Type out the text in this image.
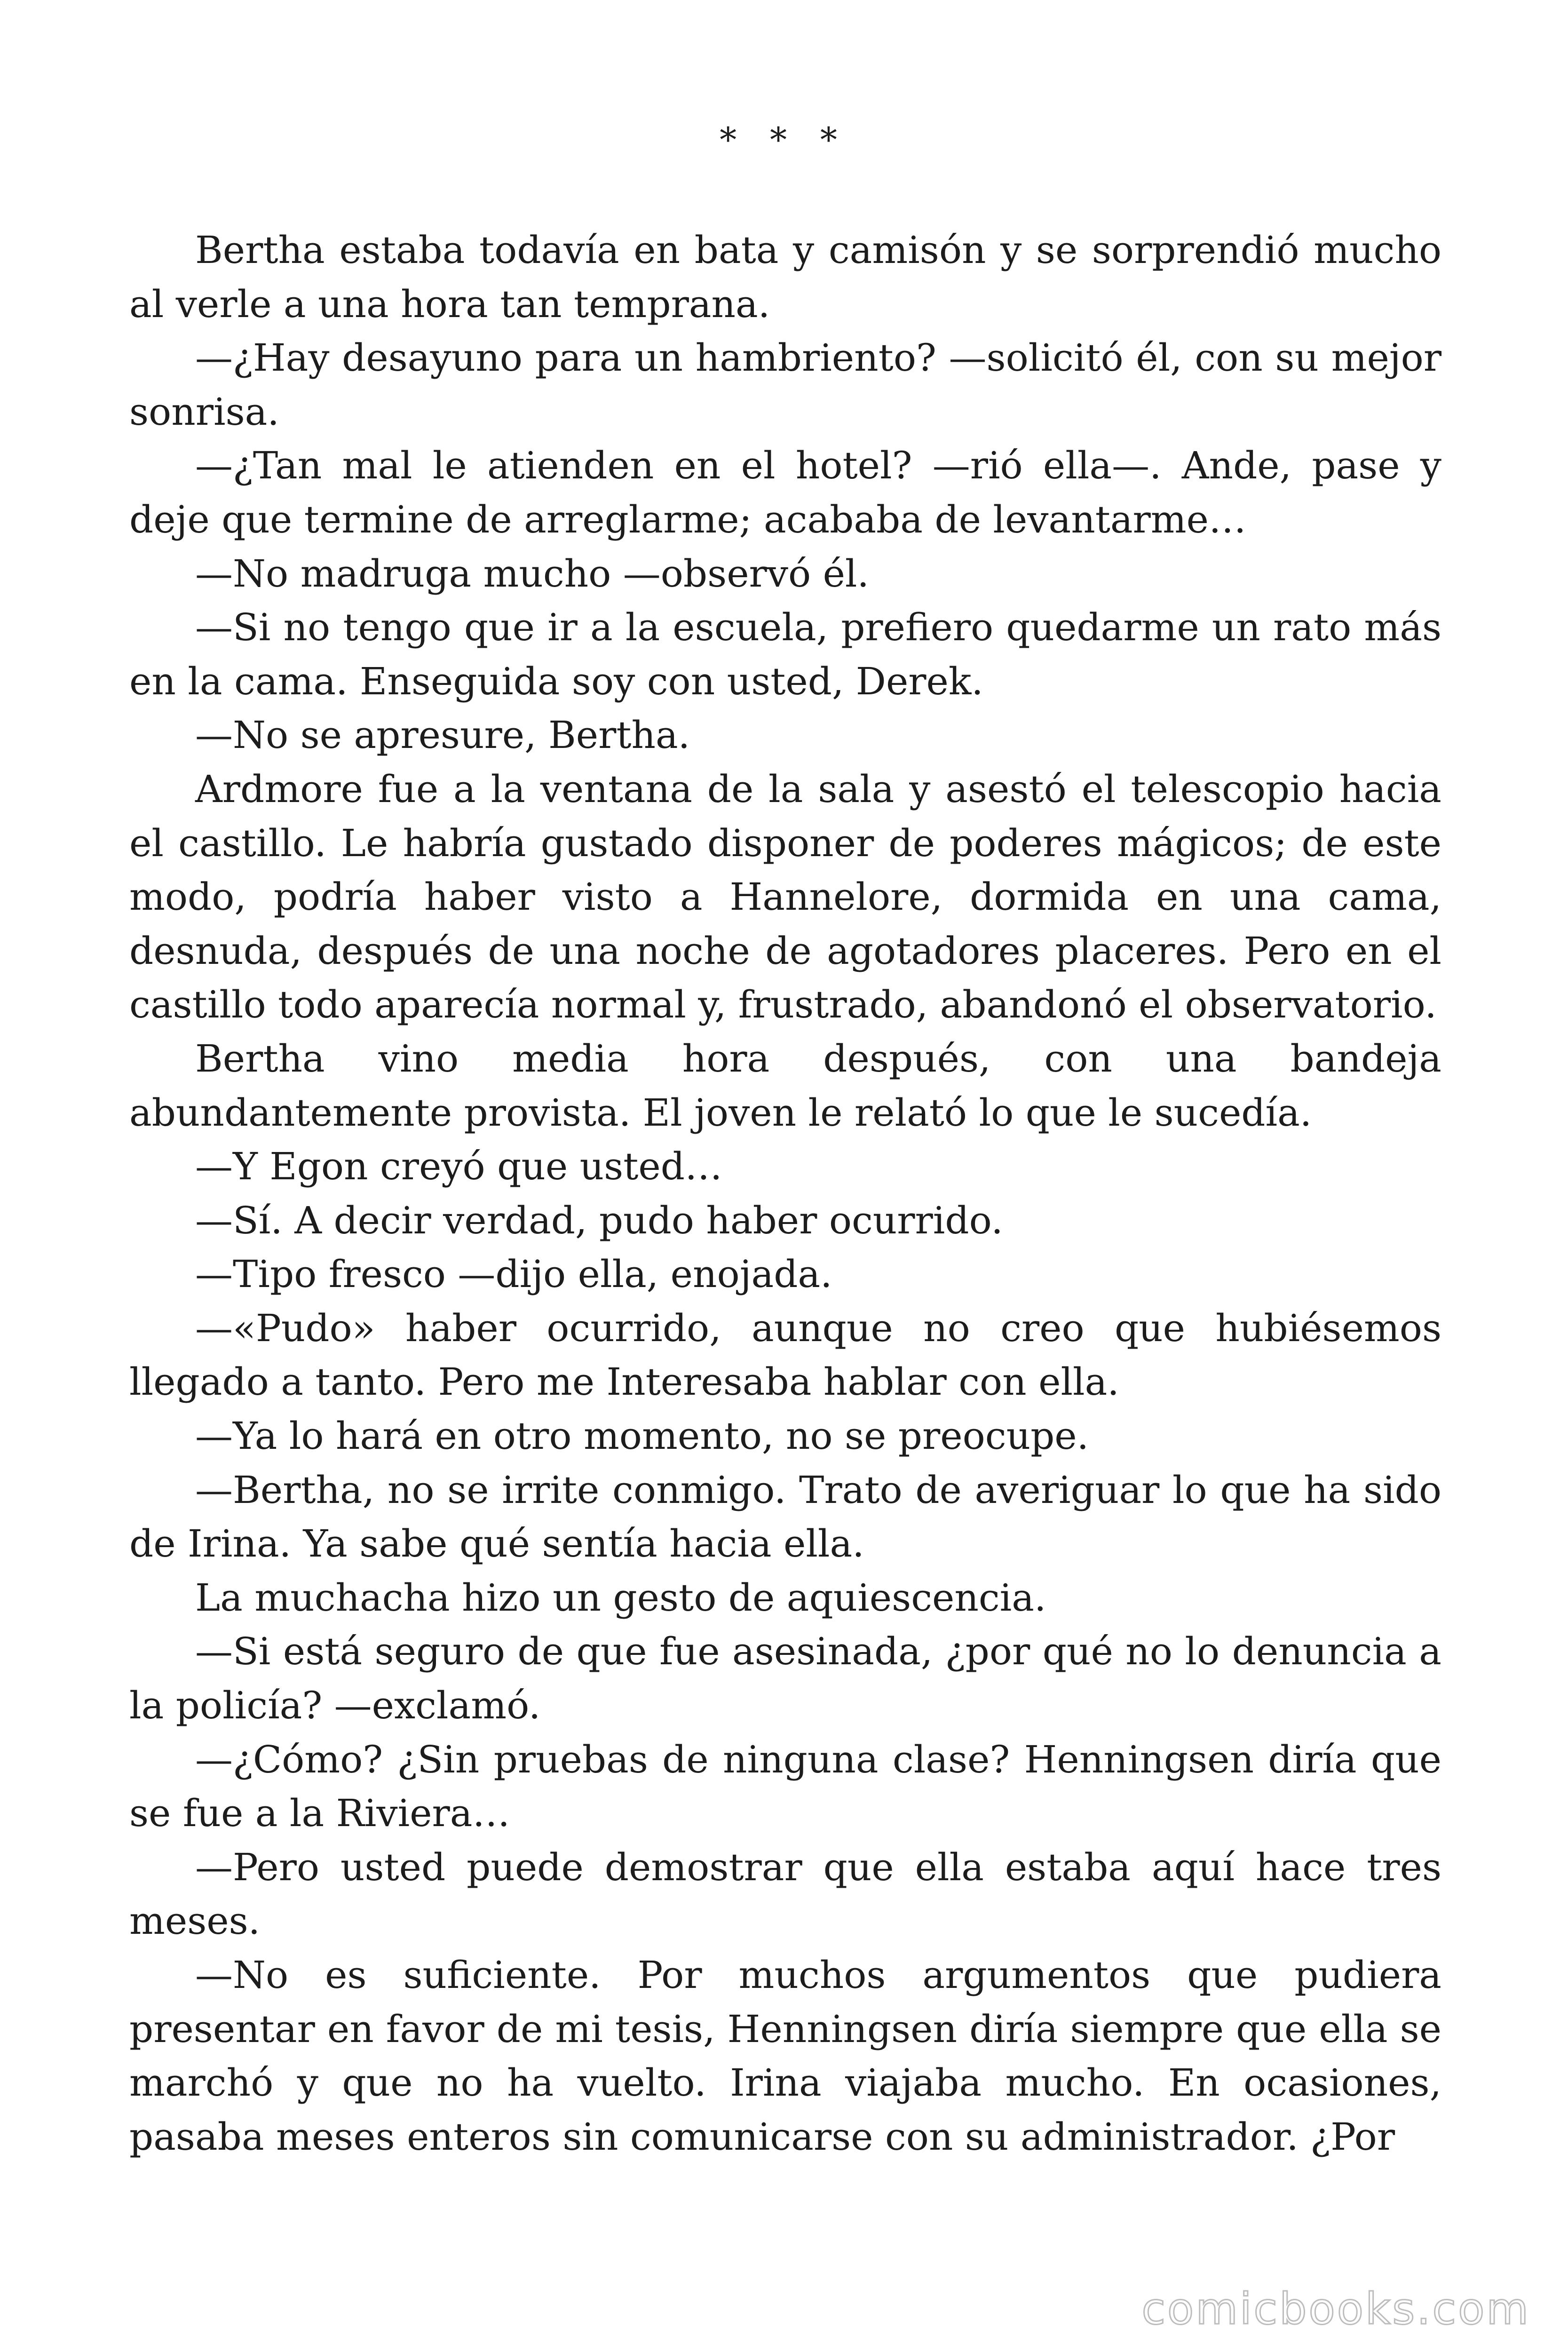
* * *

Bertha estaba todavía en bata y camisón y se sorprendió mucho al verle a una hora tan temprana.

—¿Hay desayuno para un hambriento? —solicitó él, con su mejor sonrisa.

—¿Tan mal le atienden en el hotel? —rió ella—. Ande, pase y deje que termine de arreglarme; acababa de levantarme…

—No madruga mucho —observó él.

—Si no tengo que ir a la escuela, prefiero quedarme un rato más en la cama. Enseguida soy con usted, Derek.

—No se apresure, Bertha.

Ardmore fue a la ventana de la sala y asestó el telescopio hacia el castillo. Le habría gustado disponer de poderes mágicos; de este modo, podría haber visto a Hannelore, dormida en una cama, desnuda, después de una noche de agotadores placeres. Pero en el castillo todo aparecía normal y, frustrado, abandonó el observatorio.

Bertha vino media hora después, con una bandeja abundantemente provista. El joven le relató lo que le sucedía.

—Y Egon creyó que usted…

—Sí. A decir verdad, pudo haber ocurrido.

—Tipo fresco —dijo ella, enojada.

—«Pudo» haber ocurrido, aunque no creo que hubiésemos llegado a tanto. Pero me Interesaba hablar con ella.

—Ya lo hará en otro momento, no se preocupe.

—Bertha, no se irrite conmigo. Trato de averiguar lo que ha sido de Irina. Ya sabe qué sentía hacia ella.

La muchacha hizo un gesto de aquiescencia.

—Si está seguro de que fue asesinada, ¿por qué no lo denuncia a la policía? —exclamó.

—¿Cómo? ¿Sin pruebas de ninguna clase? Henningsen diría que se fue a la Riviera…

—Pero usted puede demostrar que ella estaba aquí hace tres meses.

—No es suficiente. Por muchos argumentos que pudiera presentar en favor de mi tesis, Henningsen diría siempre que ella se marchó y que no ha vuelto. Irina viajaba mucho. En ocasiones, pasaba meses enteros sin comunicarse con su administrador. ¿Por

comicbooks.com
